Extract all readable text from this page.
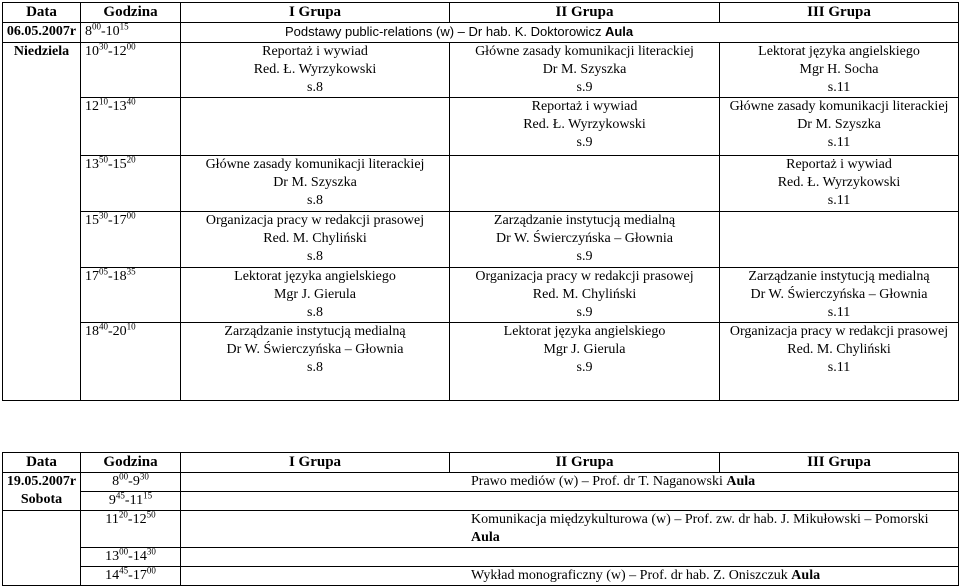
Data	Godzina	I Grupa	II Grupa	III Grupa
06.05.2007r	$8^{00}-10^{15}$	Podstawy public-relations (w) – Dr hab. K. Doktorowicz Aula		
Niedziela	$10^{30}-12^{00}$	Reportaż i wywiad
Red. Ł. Wyrzykowski
s.8	Główne zasady komunikacji literackiej
Dr M. Szyszka
s.9	Lektorat języka angielskiego
Mgr H. Socha
s.11

	$12^{10}-13^{40}$		Reportaż i wywiad
Red. Ł. Wyrzykowski
s.9	Główne zasady komunikacji literackiej
Dr M. Szyszka
s.11

	$13^{50}-15^{20}$	Główne zasady komunikacji literackiej
Dr M. Szyszka
s.8		Reportaż i wywiad
Red. Ł. Wyrzykowski
s.11

	$15^{30}-17^{00}$	Organizacja pracy w redakcji prasowej
Red. M. Chyliński
s.8	Zarządzanie instytucją medialną
Dr W. Świerczyńska – Głownia
s.9	

	$17^{05}-18^{35}$	Lektorat języka angielskiego
Mgr J. Gierula
s.8	Organizacja pracy w redakcji prasowej
Red. M. Chyliński
s.9	Zarządzanie instytucją medialną
Dr W. Świerczyńska – Głownia
s.11

	$18^{40}-20^{10}$	Zarządzanie instytucją medialną
Dr W. Świerczyńska – Głownia
s.8	Lektorat języka angielskiego
Mgr J. Gierula
s.9	Organizacja pracy w redakcji prasowej
Red. M. Chyliński
s.11
Data	Godzina	I Grupa	II Grupa	III Grupa

19.05.2007r
Sobota	$8^{00}-9^{30}$	Prawo mediów (w) – Prof. dr T. Naganowski Aula		
	$9^{45}-11^{15}$	
	$11^{20}-12^{50}$	Komunikacja międzykulturowa (w) – Prof. zw. dr hab. J. Mikułowski – Pomorski Aula		
	$13^{00}-14^{30}$	
	$14^{45}-17^{00}$	Wykład monograficzny (w) – Prof. dr hab. Z. Oniszczuk Aula		
